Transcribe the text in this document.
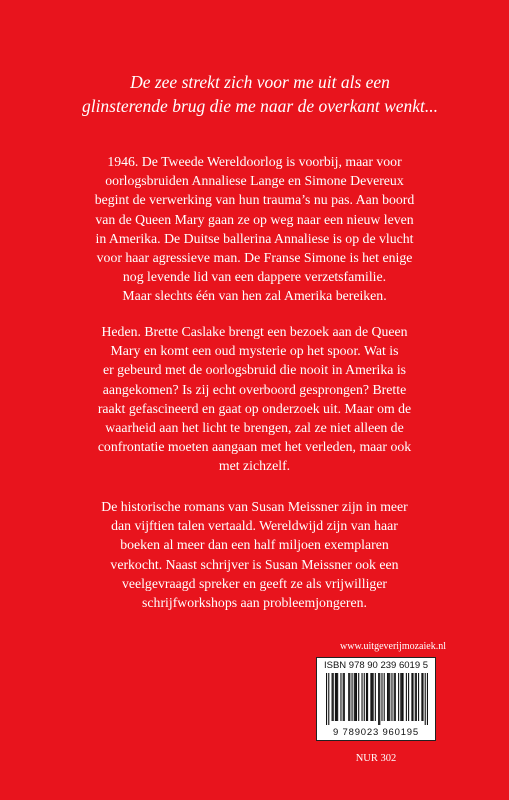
De zee strekt zich voor me uit als een
glinsterende brug die me naar de overkant wenkt...
1946. De Tweede Wereldoorlog is voorbij, maar voor
oorlogsbruiden Annaliese Lange en Simone Devereux
begint de verwerking van hun trauma’s nu pas. Aan boord
van de Queen Mary gaan ze op weg naar een nieuw leven
in Amerika. De Duitse ballerina Annaliese is op de vlucht
voor haar agressieve man. De Franse Simone is het enige
nog levende lid van een dappere verzetsfamilie.
Maar slechts één van hen zal Amerika bereiken.
Heden. Brette Caslake brengt een bezoek aan de Queen
Mary en komt een oud mysterie op het spoor. Wat is
er gebeurd met de oorlogsbruid die nooit in Amerika is
aangekomen? Is zij echt overboord gesprongen? Brette
raakt gefascineerd en gaat op onderzoek uit. Maar om de
waarheid aan het licht te brengen, zal ze niet alleen de
confrontatie moeten aangaan met het verleden, maar ook
met zichzelf.
De historische romans van Susan Meissner zijn in meer
dan vijftien talen vertaald. Wereldwijd zijn van haar
boeken al meer dan een half miljoen exemplaren
verkocht. Naast schrijver is Susan Meissner ook een
veelgevraagd spreker en geeft ze als vrijwilliger
schrijfworkshops aan probleemjongeren.
www.uitgeverijmozaiek.nl
ISBN 978 90 239 6019 5
9 789023 960195
NUR 302
